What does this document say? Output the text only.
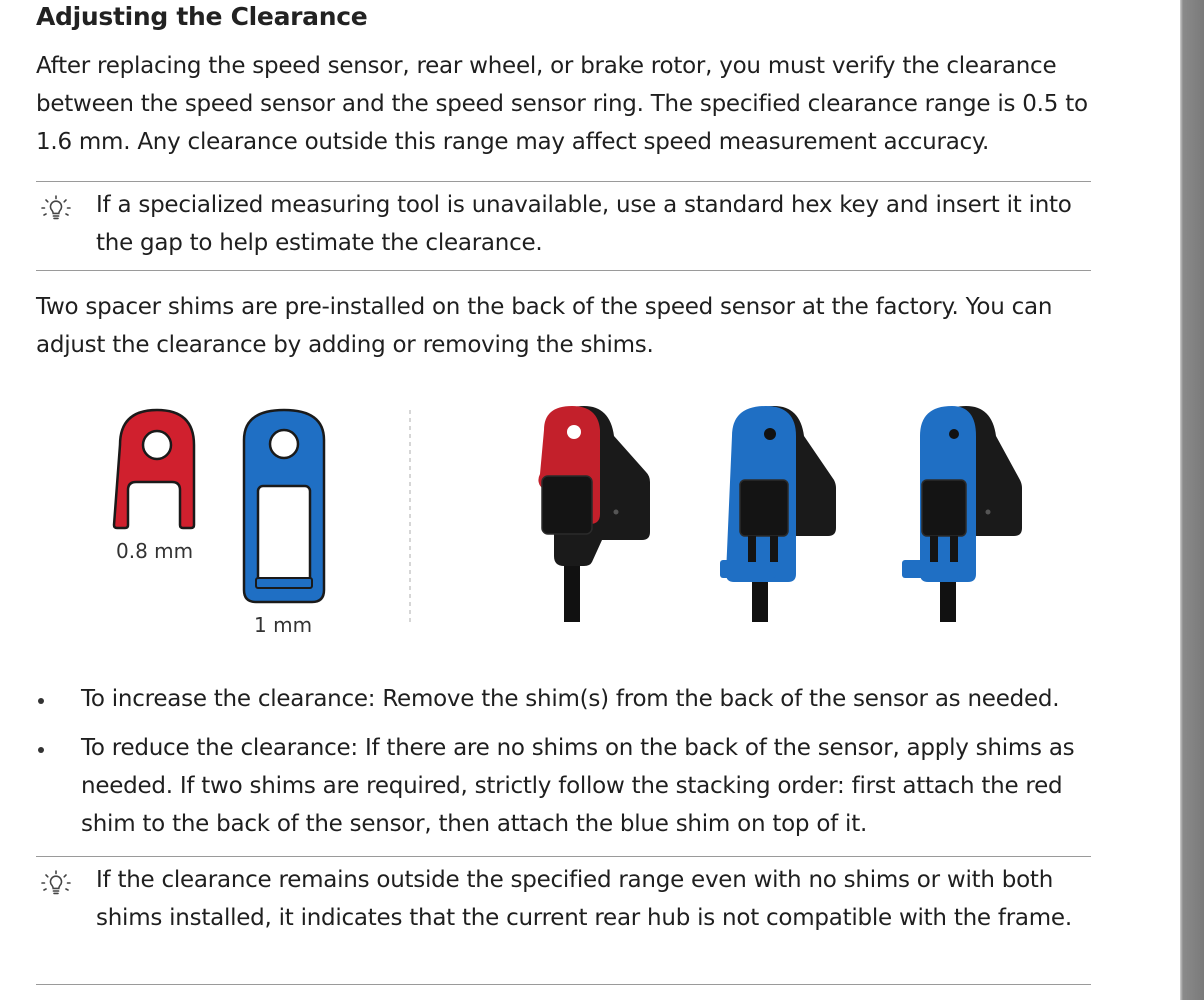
Adjusting the Clearance

After replacing the speed sensor, rear wheel, or brake rotor, you must verify the clearance between the speed sensor and the speed sensor ring. The specified clearance range is 0.5 to 1.6 mm. Any clearance outside this range may affect speed measurement accuracy.

If a specialized measuring tool is unavailable, use a standard hex key and insert it into the gap to help estimate the clearance.

Two spacer shims are pre-installed on the back of the speed sensor at the factory. You can adjust the clearance by adding or removing the shims.

0.8 mm
1 mm
To increase the clearance: Remove the shim(s) from the back of the sensor as needed.
To reduce the clearance: If there are no shims on the back of the sensor, apply shims as needed. If two shims are required, strictly follow the stacking order: first attach the red shim to the back of the sensor, then attach the blue shim on top of it.

If the clearance remains outside the specified range even with no shims or with both shims installed, it indicates that the current rear hub is not compatible with the frame.
